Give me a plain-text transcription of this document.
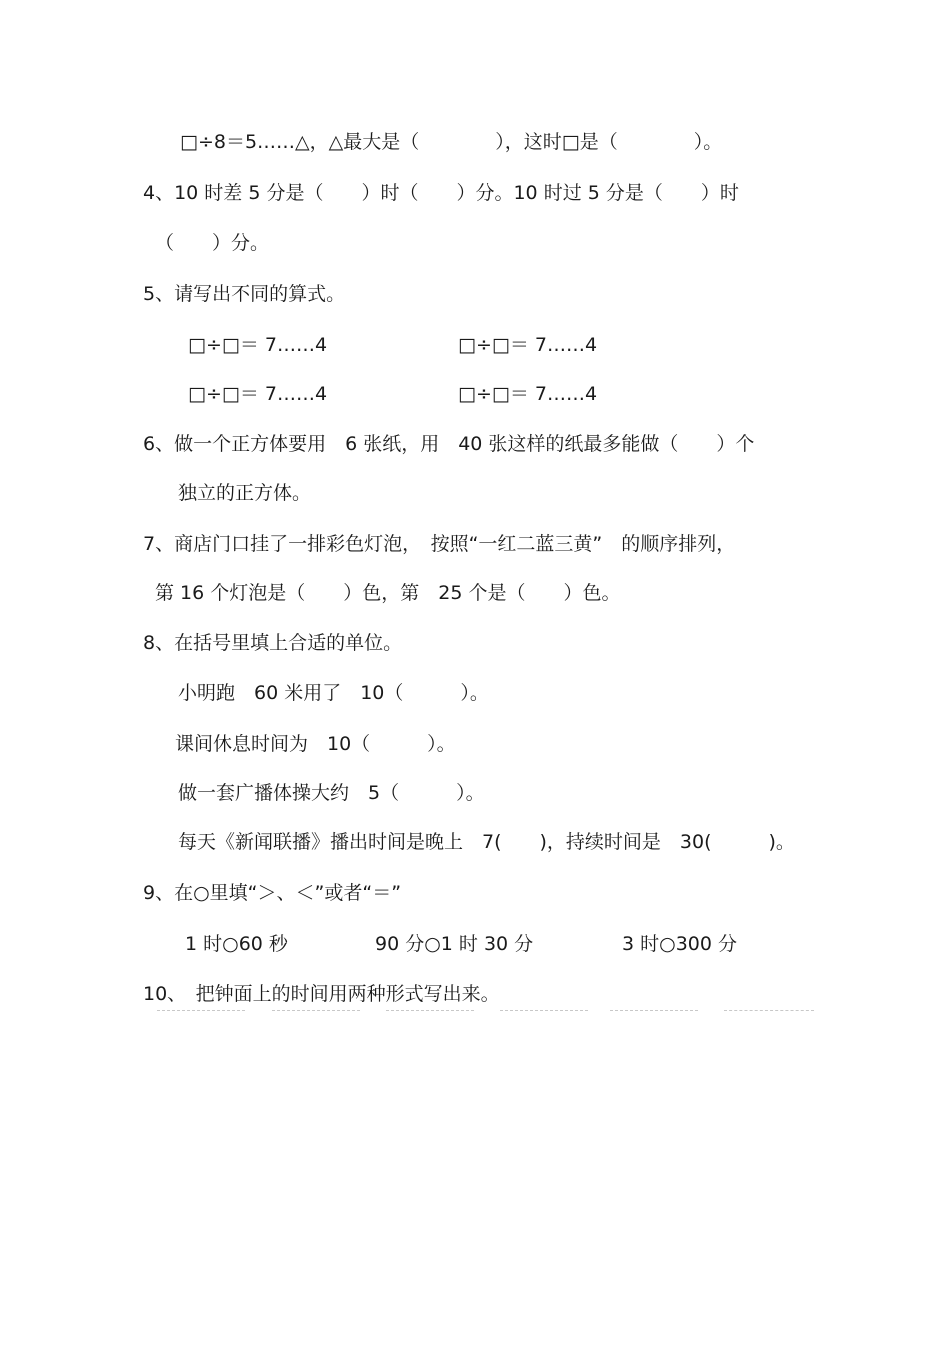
□÷8＝5……△，△最大是（　　　　），这时□是（　　　　）。
4、10 时差 5 分是（　　）时（　　）分。10 时过 5 分是（　　）时
（　　）分。
5、请写出不同的算式。
□÷□＝ 7……4	□÷□＝ 7……4
□÷□＝ 7……4	□÷□＝ 7……4
6、做一个正方体要用　6 张纸，用　40 张这样的纸最多能做（　　）个
独立的正方体。
7、商店门口挂了一排彩色灯泡，　按照“一红二蓝三黄”　的顺序排列，
第 16 个灯泡是（　　）色，第　25 个是（　　）色。
8、在括号里填上合适的单位。
小明跑　60 米用了　10（　　　）。
课间休息时间为　10（　　　）。
做一套广播体操大约　5（　　　）。
每天《新闻联播》播出时间是晚上　7(　　)，持续时间是　30(　　　)。
9、在○里填“＞、＜”或者“＝”
1 时○60 秒	90 分○1 时 30 分	3 时○300 分
10、　把钟面上的时间用两种形式写出来。
